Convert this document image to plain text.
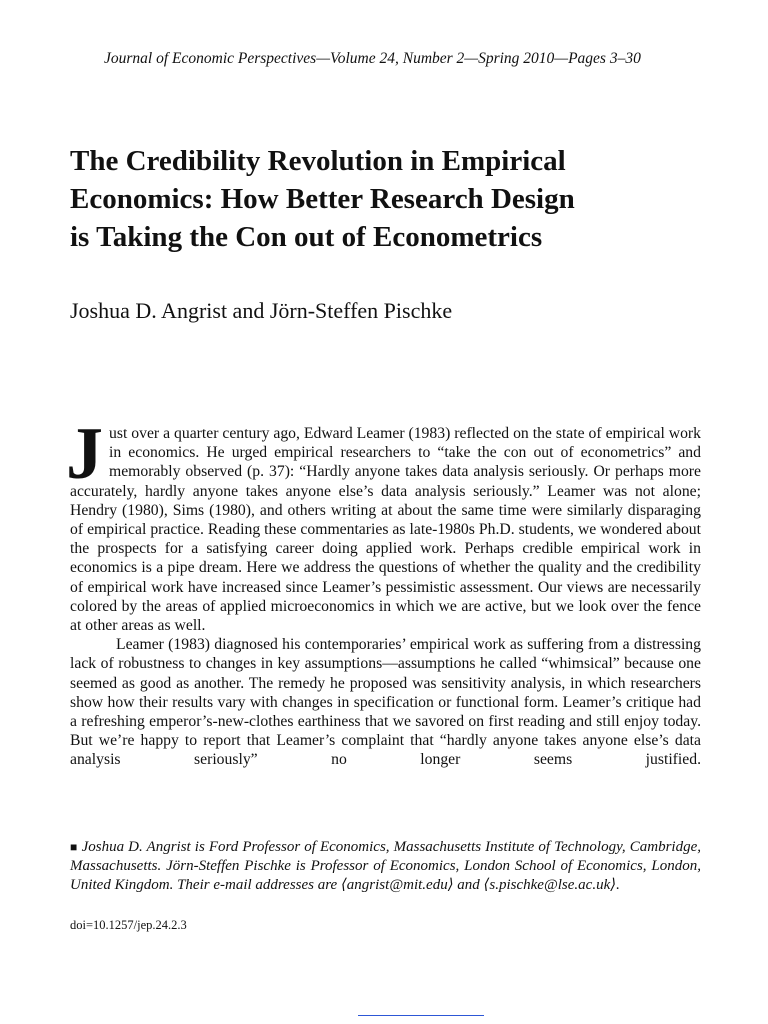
Journal of Economic Perspectives—Volume 24, Number 2—Spring 2010—Pages 3–30
The Credibility Revolution in Empirical
Economics: How Better Research Design
is Taking the Con out of Econometrics
Joshua D. Angrist and Jörn-Steffen Pischke

Just over a quarter century ago, Edward Leamer (1983) reflected on the state of empirical work in economics. He urged empirical researchers to “take the con out of econometrics” and memorably observed (p. 37): “Hardly anyone takes data analysis seriously. Or perhaps more accurately, hardly anyone takes anyone else’s data analysis seriously.” Leamer was not alone; Hendry (1980), Sims (1980), and others writing at about the same time were similarly disparaging of empirical practice. Reading these commentaries as late-1980s Ph.D. students, we wondered about the prospects for a satisfying career doing applied work. Perhaps credible empirical work in economics is a pipe dream. Here we address the questions of whether the quality and the credibility of empirical work have increased since Leamer’s pessimistic assessment. Our views are necessarily colored by the areas of applied microeconomics in which we are active, but we look over the fence at other areas as well.

Leamer (1983) diagnosed his contemporaries’ empirical work as suffering from a distressing lack of robustness to changes in key assumptions—assumptions he called “whimsical” because one seemed as good as another. The remedy he proposed was sensitivity analysis, in which researchers show how their results vary with changes in specification or functional form. Leamer’s critique had a refreshing emperor’s-new-clothes earthiness that we savored on first reading and still enjoy today. But we’re happy to report that Leamer’s complaint that “hardly anyone takes anyone else’s data analysis seriously” no longer seems justified.

■ Joshua D. Angrist is Ford Professor of Economics, Massachusetts Institute of Technology, Cambridge, Massachusetts. Jörn-Steffen Pischke is Professor of Economics, London School of Economics, London, United Kingdom. Their e-mail addresses are ⟨angrist@mit.edu⟩ and ⟨s.pischke@lse.ac.uk⟩.

doi=10.1257/jep.24.2.3
